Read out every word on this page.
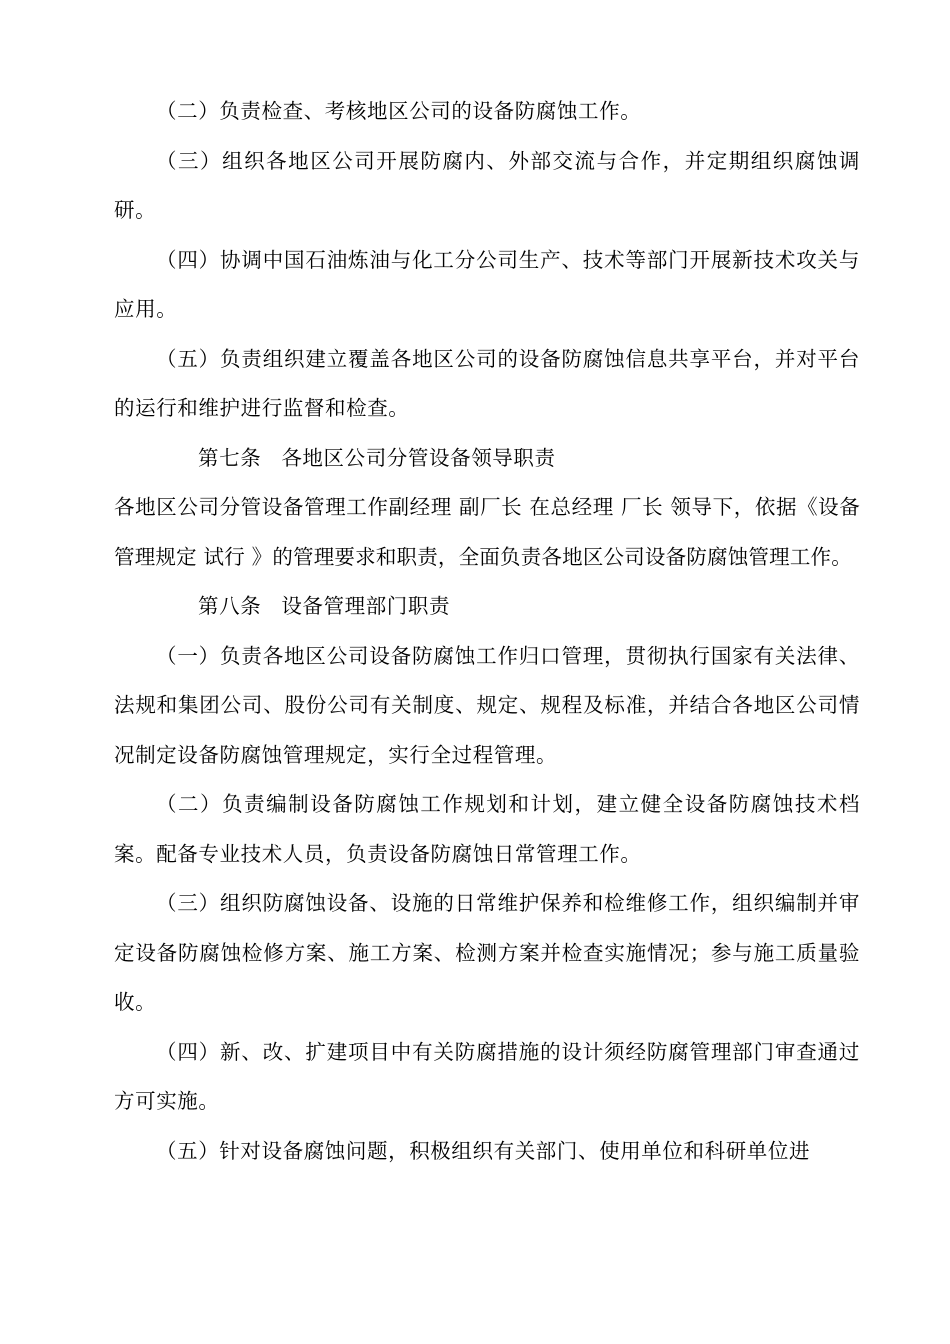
（二）负责检查、考核地区公司的设备防腐蚀工作。

（三）组织各地区公司开展防腐内、外部交流与合作，并定期组织腐蚀调研。

（四）协调中国石油炼油与化工分公司生产、技术等部门开展新技术攻关与应用。

（五）负责组织建立覆盖各地区公司的设备防腐蚀信息共享平台，并对平台的运行和维护进行监督和检查。

第七条 各地区公司分管设备领导职责

各地区公司分管设备管理工作副经理 副厂长 在总经理 厂长 领导下，依据《设备管理规定 试行 》的管理要求和职责，全面负责各地区公司设备防腐蚀管理工作。

第八条 设备管理部门职责

（一）负责各地区公司设备防腐蚀工作归口管理，贯彻执行国家有关法律、法规和集团公司、股份公司有关制度、规定、规程及标准，并结合各地区公司情况制定设备防腐蚀管理规定，实行全过程管理。

（二）负责编制设备防腐蚀工作规划和计划，建立健全设备防腐蚀技术档案。配备专业技术人员，负责设备防腐蚀日常管理工作。

（三）组织防腐蚀设备、设施的日常维护保养和检维修工作，组织编制并审定设备防腐蚀检修方案、施工方案、检测方案并检查实施情况；参与施工质量验收。

（四）新、改、扩建项目中有关防腐措施的设计须经防腐管理部门审查通过方可实施。

（五）针对设备腐蚀问题，积极组织有关部门、使用单位和科研单位进
